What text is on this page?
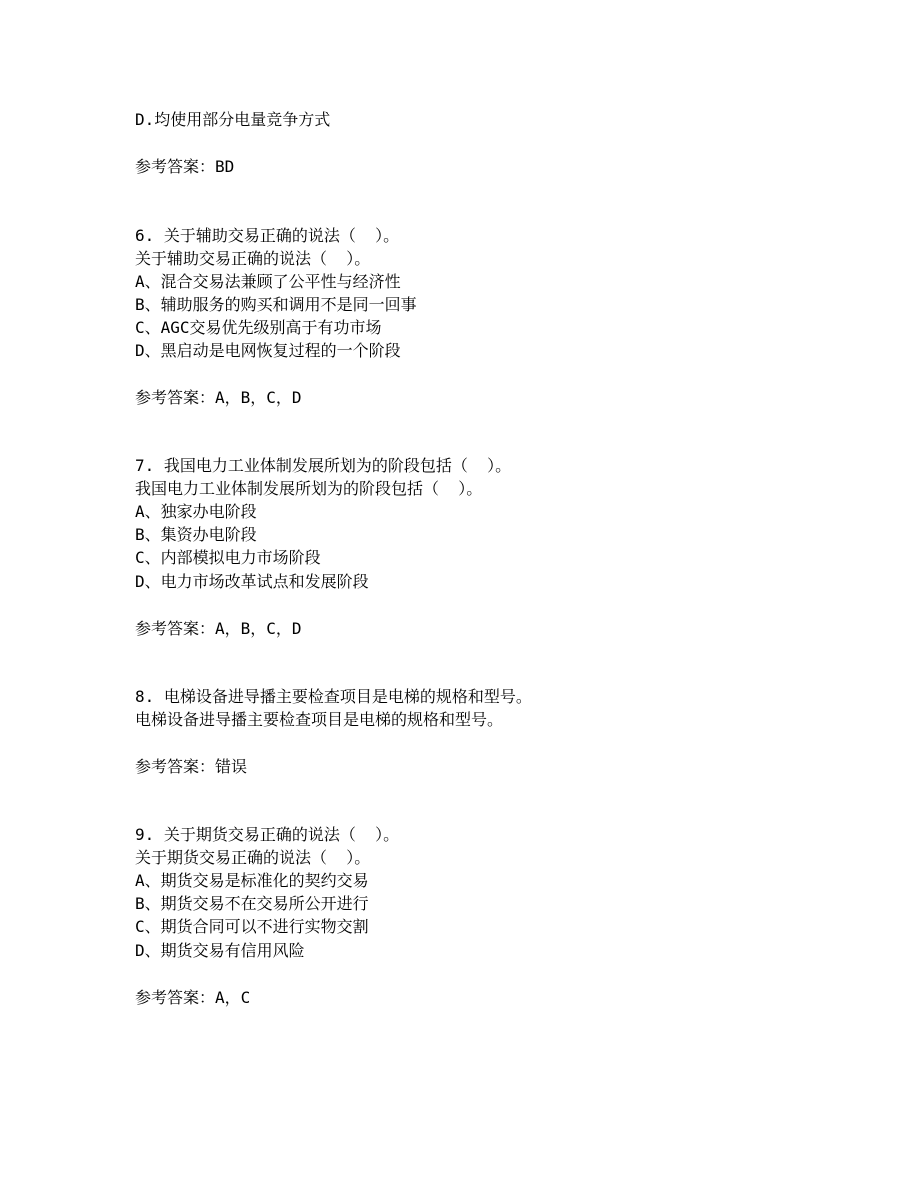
D.均使用部分电量竞争方式
参考答案：BD
6. 关于辅助交易正确的说法（  ）。
关于辅助交易正确的说法（  ）。
A、混合交易法兼顾了公平性与经济性
B、辅助服务的购买和调用不是同一回事
C、AGC交易优先级别高于有功市场
D、黑启动是电网恢复过程的一个阶段
参考答案：A，B，C，D
7. 我国电力工业体制发展所划为的阶段包括（  ）。
我国电力工业体制发展所划为的阶段包括（  ）。
A、独家办电阶段
B、集资办电阶段
C、内部模拟电力市场阶段
D、电力市场改革试点和发展阶段
参考答案：A，B，C，D
8. 电梯设备进导播主要检查项目是电梯的规格和型号。
电梯设备进导播主要检查项目是电梯的规格和型号。
参考答案：错误
9. 关于期货交易正确的说法（  ）。
关于期货交易正确的说法（  ）。
A、期货交易是标准化的契约交易
B、期货交易不在交易所公开进行
C、期货合同可以不进行实物交割
D、期货交易有信用风险
参考答案：A，C
